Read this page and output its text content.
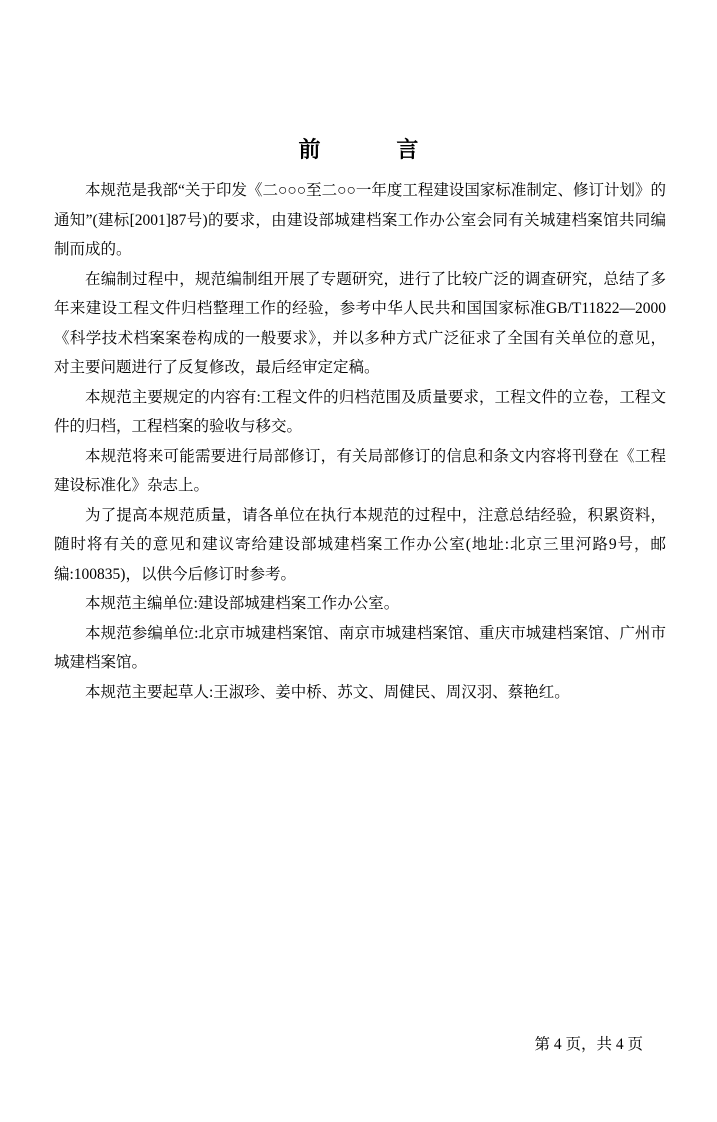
前 言

本规范是我部“关于印发《二○○○至二○○一年度工程建设国家标准制定、修订计划》的通知”(建标[2001]87号)的要求，由建设部城建档案工作办公室会同有关城建档案馆共同编制而成的。

在编制过程中，规范编制组开展了专题研究，进行了比较广泛的调查研究，总结了多年来建设工程文件归档整理工作的经验，参考中华人民共和国国家标准GB/T11822—2000《科学技术档案案卷构成的一般要求》，并以多种方式广泛征求了全国有关单位的意见，对主要问题进行了反复修改，最后经审定定稿。

本规范主要规定的内容有:工程文件的归档范围及质量要求，工程文件的立卷，工程文件的归档，工程档案的验收与移交。

本规范将来可能需要进行局部修订，有关局部修订的信息和条文内容将刊登在《工程建设标准化》杂志上。

为了提高本规范质量，请各单位在执行本规范的过程中，注意总结经验，积累资料，随时将有关的意见和建议寄给建设部城建档案工作办公室(地址:北京三里河路9号，邮编:100835)，以供今后修订时参考。

本规范主编单位:建设部城建档案工作办公室。

本规范参编单位:北京市城建档案馆、南京市城建档案馆、重庆市城建档案馆、广州市城建档案馆。

本规范主要起草人:王淑珍、姜中桥、苏文、周健民、周汉羽、蔡艳红。

第 4 页，共 4 页
